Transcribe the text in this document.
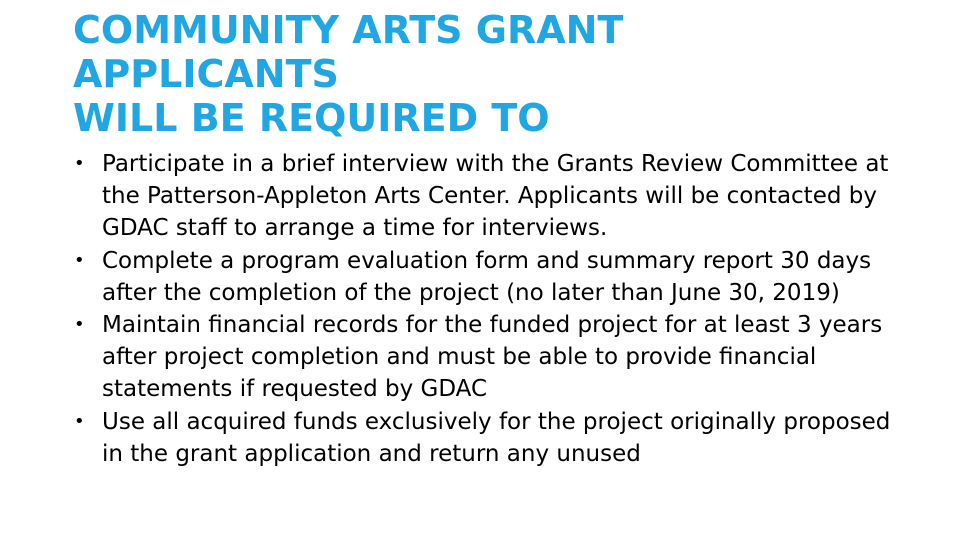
COMMUNITY ARTS GRANT
APPLICANTS
WILL BE REQUIRED TO
• Participate in a brief interview with the Grants Review Committee at the Patterson-Appleton Arts Center. Applicants will be contacted by GDAC staff to arrange a time for interviews.
• Complete a program evaluation form and summary report 30 days after the completion of the project (no later than June 30, 2019)
• Maintain financial records for the funded project for at least 3 years after project completion and must be able to provide financial statements if requested by GDAC
• Use all acquired funds exclusively for the project originally proposed in the grant application and return any unused
